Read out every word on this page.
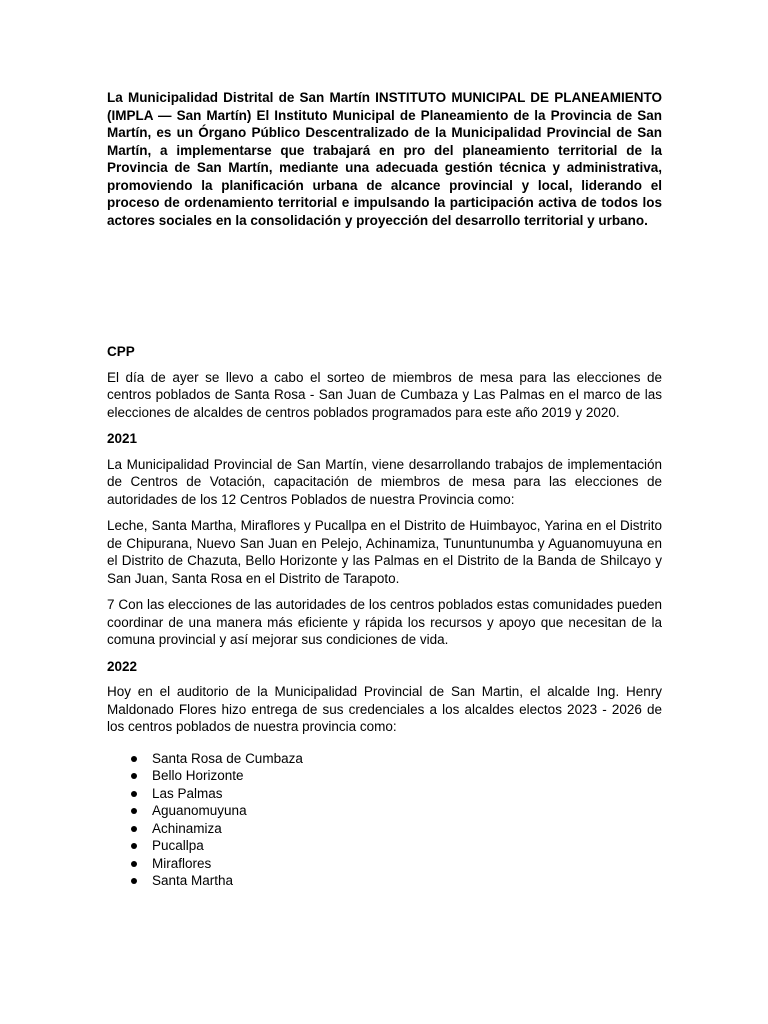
La Municipalidad Distrital de San Martín INSTITUTO MUNICIPAL DE PLANEAMIENTO (IMPLA — San Martín) El Instituto Municipal de Planeamiento de la Provincia de San Martín, es un Órgano Público Descentralizado de la Municipalidad Provincial de San Martín, a implementarse que trabajará en pro del planeamiento territorial de la Provincia de San Martín, mediante una adecuada gestión técnica y administrativa, promoviendo la planificación urbana de alcance provincial y local, liderando el proceso de ordenamiento territorial e impulsando la participación activa de todos los actores sociales en la consolidación y proyección del desarrollo territorial y urbano.

CPP

El día de ayer se llevo a cabo el sorteo de miembros de mesa para las elecciones de centros poblados de Santa Rosa - San Juan de Cumbaza y Las Palmas en el marco de las elecciones de alcaldes de centros poblados programados para este año 2019 y 2020.

2021

La Municipalidad Provincial de San Martín, viene desarrollando trabajos de implementación de Centros de Votación, capacitación de miembros de mesa para las elecciones de autoridades de los 12 Centros Poblados de nuestra Provincia como:

Leche, Santa Martha, Miraflores y Pucallpa en el Distrito de Huimbayoc, Yarina en el Distrito de Chipurana, Nuevo San Juan en Pelejo, Achinamiza, Tununtunumba y Aguanomuyuna en el Distrito de Chazuta, Bello Horizonte y las Palmas en el Distrito de la Banda de Shilcayo y San Juan, Santa Rosa en el Distrito de Tarapoto.

7 Con las elecciones de las autoridades de los centros poblados estas comunidades pueden coordinar de una manera más eficiente y rápida los recursos y apoyo que necesitan de la comuna provincial y así mejorar sus condiciones de vida.

2022

Hoy en el auditorio de la Municipalidad Provincial de San Martin, el alcalde Ing. Henry Maldonado Flores hizo entrega de sus credenciales a los alcaldes electos 2023 - 2026 de los centros poblados de nuestra provincia como:

Santa Rosa de Cumbaza
Bello Horizonte
Las Palmas
Aguanomuyuna
Achinamiza
Pucallpa
Miraflores
Santa Martha
